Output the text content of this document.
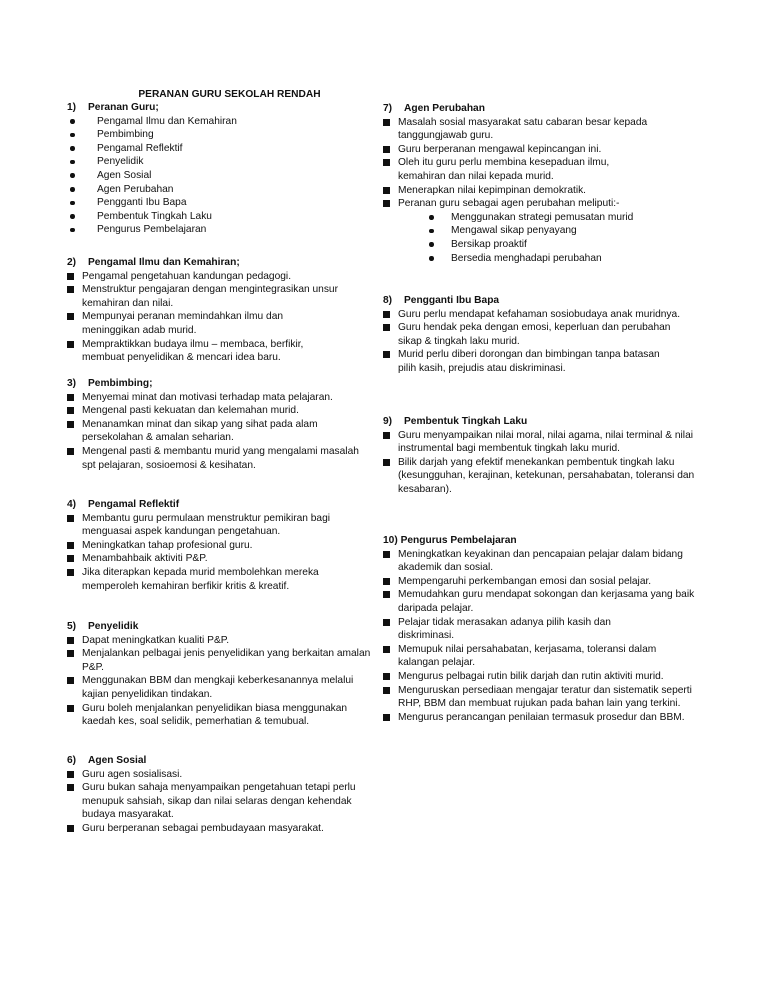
PERANAN GURU SEKOLAH RENDAH
1) Peranan Guru;
Pengamal Ilmu dan Kemahiran
Pembimbing
Pengamal Reflektif
Penyelidik
Agen Sosial
Agen Perubahan
Pengganti Ibu Bapa
Pembentuk Tingkah Laku
Pengurus Pembelajaran
2) Pengamal Ilmu dan Kemahiran;
Pengamal pengetahuan kandungan pedagogi.
Menstruktur pengajaran dengan mengintegrasikan unsur kemahiran dan nilai.
Mempunyai peranan memindahkan ilmu dan meninggikan adab murid.
Mempraktikkan budaya ilmu – membaca, berfikir, membuat penyelidikan & mencari idea baru.
3) Pembimbing;
Menyemai minat dan motivasi terhadap mata pelajaran.
Mengenal pasti kekuatan dan kelemahan murid.
Menanamkan minat dan sikap yang sihat pada alam persekolahan & amalan seharian.
Mengenal pasti & membantu murid yang mengalami masalah spt pelajaran, sosioemosi & kesihatan.
4) Pengamal Reflektif
Membantu guru permulaan menstruktur pemikiran bagi menguasai aspek kandungan pengetahuan.
Meningkatkan tahap profesional guru.
Menambahbaik aktiviti P&P.
Jika diterapkan kepada murid membolehkan mereka memperoleh kemahiran berfikir kritis & kreatif.
5) Penyelidik
Dapat meningkatkan kualiti P&P.
Menjalankan pelbagai jenis penyelidikan yang berkaitan amalan P&P.
Menggunakan BBM dan mengkaji keberkesanannya melalui kajian penyelidikan tindakan.
Guru boleh menjalankan penyelidikan biasa menggunakan kaedah kes, soal selidik, pemerhatian & temubual.
6) Agen Sosial
Guru agen sosialisasi.
Guru bukan sahaja menyampaikan pengetahuan tetapi perlu menupuk sahsiah, sikap dan nilai selaras dengan kehendak budaya masyarakat.
Guru berperanan sebagai pembudayaan masyarakat.
7) Agen Perubahan
Masalah sosial masyarakat satu cabaran besar kepada tanggungjawab guru.
Guru berperanan mengawal kepincangan ini.
Oleh itu guru perlu membina kesepaduan ilmu, kemahiran dan nilai kepada murid.
Menerapkan nilai kepimpinan demokratik.
Peranan guru sebagai agen perubahan meliputi:-
Menggunakan strategi pemusatan murid
Mengawal sikap penyayang
Bersikap proaktif
Bersedia menghadapi perubahan
8) Pengganti Ibu Bapa
Guru perlu mendapat kefahaman sosiobudaya anak muridnya.
Guru hendak peka dengan emosi, keperluan dan perubahan sikap & tingkah laku murid.
Murid perlu diberi dorongan dan bimbingan tanpa batasan pilih kasih, prejudis atau diskriminasi.
9) Pembentuk Tingkah Laku
Guru menyampaikan nilai moral, nilai agama, nilai terminal & nilai instrumental bagi membentuk tingkah laku murid.
Bilik darjah yang efektif menekankan pembentuk tingkah laku (kesungguhan, kerajinan, ketekunan, persahabatan, toleransi dan kesabaran).
10) Pengurus Pembelajaran
Meningkatkan keyakinan dan pencapaian pelajar dalam bidang akademik dan sosial.
Mempengaruhi perkembangan emosi dan sosial pelajar.
Memudahkan guru mendapat sokongan dan kerjasama yang baik daripada pelajar.
Pelajar tidak merasakan adanya pilih kasih dan diskriminasi.
Memupuk nilai persahabatan, kerjasama, toleransi dalam kalangan pelajar.
Mengurus pelbagai rutin bilik darjah dan rutin aktiviti murid.
Menguruskan persediaan mengajar teratur dan sistematik seperti RHP, BBM dan membuat rujukan pada bahan lain yang terkini.
Mengurus perancangan penilaian termasuk prosedur dan BBM.
